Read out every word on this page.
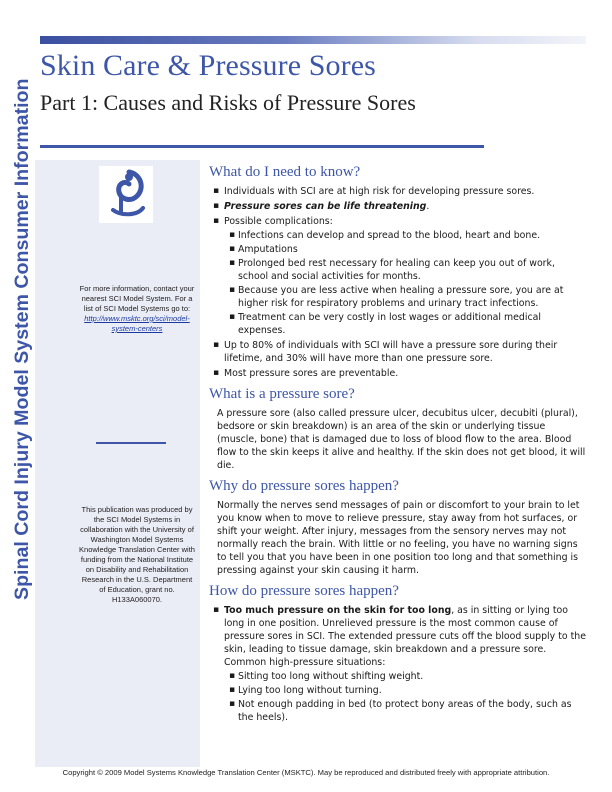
Skin Care & Pressure Sores
Part 1: Causes and Risks of Pressure Sores
Spinal Cord Injury Model System Consumer Information	For more information, contact your nearest SCI Model System. For a list of SCI Model Systems go to:
http://www.msktc.org/sci/model-system-centers
This publication was produced by the SCI Model Systems in collaboration with the University of Washington Model Systems Knowledge Translation Center with funding from the National Institute on Disability and Rehabilitation Research in the U.S. Department of Education, grant no. H133A060070.
What do I need to know?
▪ Individuals with SCI are at high risk for developing pressure sores.
▪ Pressure sores can be life threatening.
▪ Possible complications:
▪ Infections can develop and spread to the blood, heart and bone.
▪ Amputations
▪ Prolonged bed rest necessary for healing can keep you out of work, school and social activities for months.
▪ Because you are less active when healing a pressure sore, you are at higher risk for respiratory problems and urinary tract infections.
▪ Treatment can be very costly in lost wages or additional medical expenses.
▪ Up to 80% of individuals with SCI will have a pressure sore during their lifetime, and 30% will have more than one pressure sore.
▪ Most pressure sores are preventable.
What is a pressure sore?

A pressure sore (also called pressure ulcer, decubitus ulcer, decubiti (plural), bedsore or skin breakdown) is an area of the skin or underlying tissue (muscle, bone) that is damaged due to loss of blood flow to the area. Blood flow to the skin keeps it alive and healthy. If the skin does not get blood, it will die.

Why do pressure sores happen?

Normally the nerves send messages of pain or discomfort to your brain to let you know when to move to relieve pressure, stay away from hot surfaces, or shift your weight. After injury, messages from the sensory nerves may not normally reach the brain. With little or no feeling, you have no warning signs to tell you that you have been in one position too long and that something is pressing against your skin causing it harm.

How do pressure sores happen?
▪ Too much pressure on the skin for too long, as in sitting or lying too long in one position. Unrelieved pressure is the most common cause of pressure sores in SCI. The extended pressure cuts off the blood supply to the skin, leading to tissue damage, skin breakdown and a pressure sore.
Common high-pressure situations:
▪ Sitting too long without shifting weight.
▪ Lying too long without turning.
▪ Not enough padding in bed (to protect bony areas of the body, such as the heels).
Copyright © 2009 Model Systems Knowledge Translation Center (MSKTC). May be reproduced and distributed freely with appropriate attribution.
